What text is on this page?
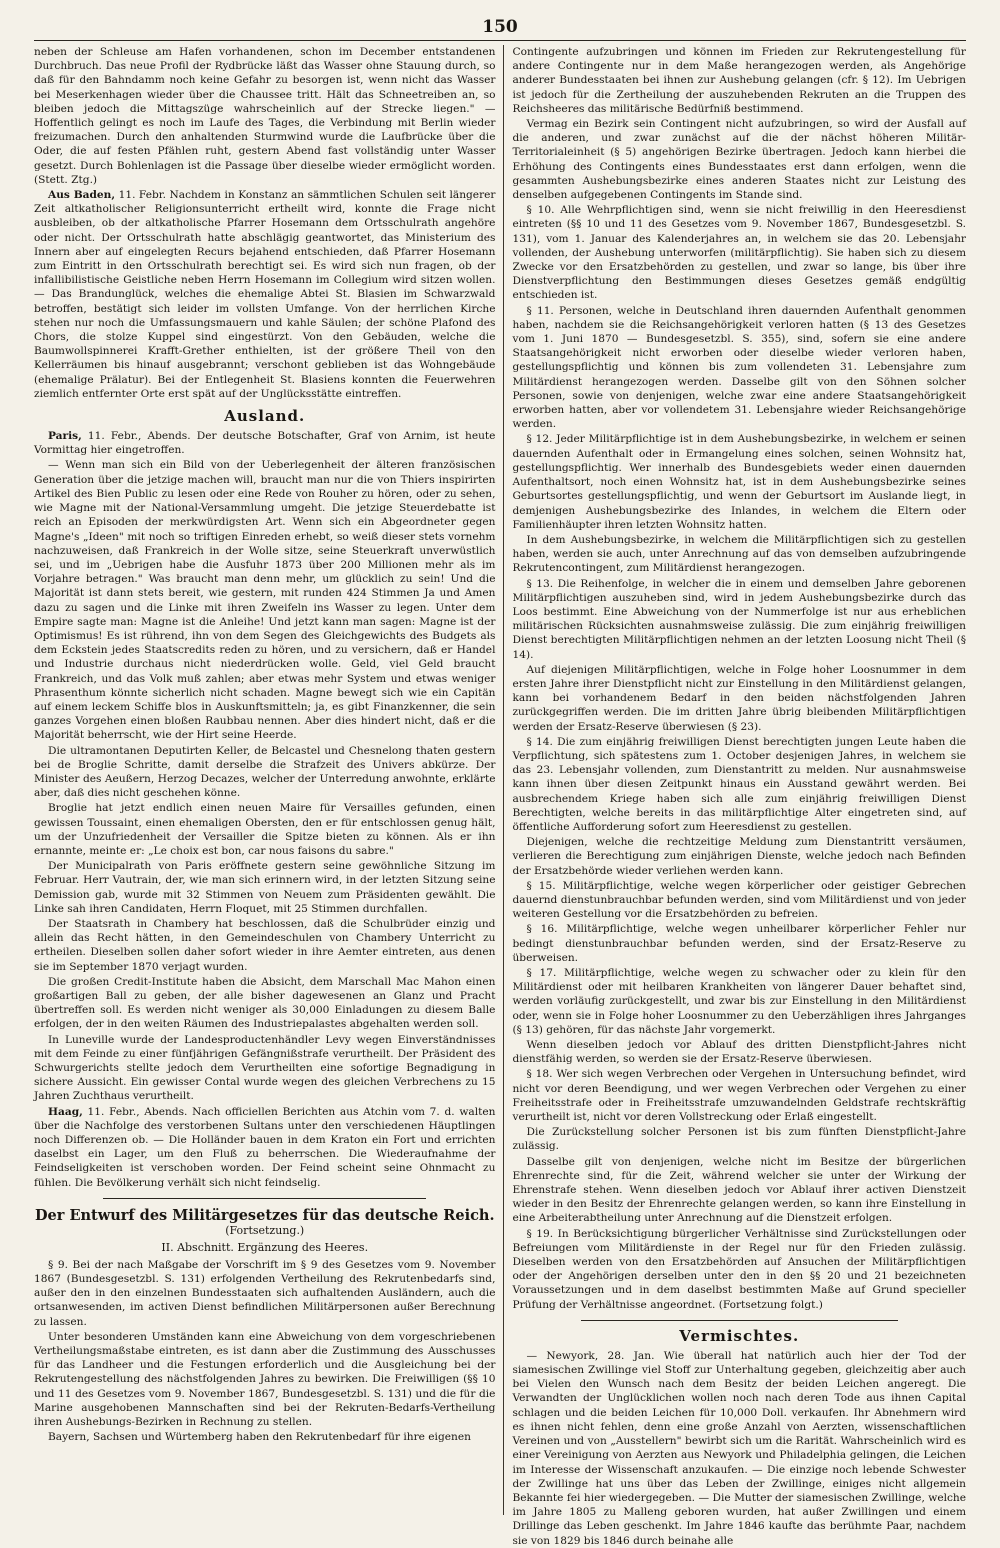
150

neben der Schleuse am Hafen vorhandenen, schon im December entstandenen Durchbruch. Das neue Profil der Rydbrücke läßt das Wasser ohne Stauung durch, so daß für den Bahndamm noch keine Gefahr zu besorgen ist, wenn nicht das Wasser bei Meserkenhagen wieder über die Chaussee tritt. Hält das Schneetreiben an, so bleiben jedoch die Mittagszüge wahrscheinlich auf der Strecke liegen." — Hoffentlich gelingt es noch im Laufe des Tages, die Verbindung mit Berlin wieder freizumachen. Durch den anhaltenden Sturmwind wurde die Laufbrücke über die Oder, die auf festen Pfählen ruht, gestern Abend fast vollständig unter Wasser gesetzt. Durch Bohlenlagen ist die Passage über dieselbe wieder ermöglicht worden. (Stett. Ztg.)

Aus Baden, 11. Febr. Nachdem in Konstanz an sämmtlichen Schulen seit längerer Zeit altkatholischer Religionsunterricht ertheilt wird, konnte die Frage nicht ausbleiben, ob der altkatholische Pfarrer Hosemann dem Ortsschulrath angehöre oder nicht. Der Ortsschulrath hatte abschlägig geantwortet, das Ministerium des Innern aber auf eingelegten Recurs bejahend entschieden, daß Pfarrer Hosemann zum Eintritt in den Ortsschulrath berechtigt sei. Es wird sich nun fragen, ob der infallibilistische Geistliche neben Herrn Hosemann im Collegium wird sitzen wollen. — Das Brandunglück, welches die ehemalige Abtei St. Blasien im Schwarzwald betroffen, bestätigt sich leider im vollsten Umfange. Von der herrlichen Kirche stehen nur noch die Umfassungsmauern und kahle Säulen; der schöne Plafond des Chors, die stolze Kuppel sind eingestürzt. Von den Gebäuden, welche die Baumwollspinnerei Krafft-Grether enthielten, ist der größere Theil von den Kellerräumen bis hinauf ausgebrannt; verschont geblieben ist das Wohngebäude (ehemalige Prälatur). Bei der Entlegenheit St. Blasiens konnten die Feuerwehren ziemlich entfernter Orte erst spät auf der Unglücksstätte eintreffen.

Ausland.

Paris, 11. Febr., Abends. Der deutsche Botschafter, Graf von Arnim, ist heute Vormittag hier eingetroffen.

— Wenn man sich ein Bild von der Ueberlegenheit der älteren französischen Generation über die jetzige machen will, braucht man nur die von Thiers inspirirten Artikel des Bien Public zu lesen oder eine Rede von Rouher zu hören, oder zu sehen, wie Magne mit der National-Versammlung umgeht. Die jetzige Steuerdebatte ist reich an Episoden der merkwürdigsten Art. Wenn sich ein Abgeordneter gegen Magne's „Ideen" mit noch so triftigen Einreden erhebt, so weiß dieser stets vornehm nachzuweisen, daß Frankreich in der Wolle sitze, seine Steuerkraft unverwüstlich sei, und im „Uebrigen habe die Ausfuhr 1873 über 200 Millionen mehr als im Vorjahre betragen." Was braucht man denn mehr, um glücklich zu sein! Und die Majorität ist dann stets bereit, wie gestern, mit runden 424 Stimmen Ja und Amen dazu zu sagen und die Linke mit ihren Zweifeln ins Wasser zu legen. Unter dem Empire sagte man: Magne ist die Anleihe! Und jetzt kann man sagen: Magne ist der Optimismus! Es ist rührend, ihn von dem Segen des Gleichgewichts des Budgets als dem Eckstein jedes Staatscredits reden zu hören, und zu versichern, daß er Handel und Industrie durchaus nicht niederdrücken wolle. Geld, viel Geld braucht Frankreich, und das Volk muß zahlen; aber etwas mehr System und etwas weniger Phrasenthum könnte sicherlich nicht schaden. Magne bewegt sich wie ein Capitän auf einem leckem Schiffe blos in Auskunftsmitteln; ja, es gibt Finanzkenner, die sein ganzes Vorgehen einen bloßen Raubbau nennen. Aber dies hindert nicht, daß er die Majorität beherrscht, wie der Hirt seine Heerde.

Die ultramontanen Deputirten Keller, de Belcastel und Chesnelong thaten gestern bei de Broglie Schritte, damit derselbe die Strafzeit des Univers abkürze. Der Minister des Aeußern, Herzog Decazes, welcher der Unterredung anwohnte, erklärte aber, daß dies nicht geschehen könne.

Broglie hat jetzt endlich einen neuen Maire für Versailles gefunden, einen gewissen Toussaint, einen ehemaligen Obersten, den er für entschlossen genug hält, um der Unzufriedenheit der Versailler die Spitze bieten zu können. Als er ihn ernannte, meinte er: „Le choix est bon, car nous faisons du sabre."

Der Municipalrath von Paris eröffnete gestern seine gewöhnliche Sitzung im Februar. Herr Vautrain, der, wie man sich erinnern wird, in der letzten Sitzung seine Demission gab, wurde mit 32 Stimmen von Neuem zum Präsidenten gewählt. Die Linke sah ihren Candidaten, Herrn Floquet, mit 25 Stimmen durchfallen.

Der Staatsrath in Chambery hat beschlossen, daß die Schulbrüder einzig und allein das Recht hätten, in den Gemeindeschulen von Chambery Unterricht zu ertheilen. Dieselben sollen daher sofort wieder in ihre Aemter eintreten, aus denen sie im September 1870 verjagt wurden.

Die großen Credit-Institute haben die Absicht, dem Marschall Mac Mahon einen großartigen Ball zu geben, der alle bisher dagewesenen an Glanz und Pracht übertreffen soll. Es werden nicht weniger als 30,000 Einladungen zu diesem Balle erfolgen, der in den weiten Räumen des Industriepalastes abgehalten werden soll.

In Luneville wurde der Landesproductenhändler Levy wegen Einverständnisses mit dem Feinde zu einer fünfjährigen Gefängnißstrafe verurtheilt. Der Präsident des Schwurgerichts stellte jedoch dem Verurtheilten eine sofortige Begnadigung in sichere Aussicht. Ein gewisser Contal wurde wegen des gleichen Verbrechens zu 15 Jahren Zuchthaus verurtheilt.

Haag, 11. Febr., Abends. Nach officiellen Berichten aus Atchin vom 7. d. walten über die Nachfolge des verstorbenen Sultans unter den verschiedenen Häuptlingen noch Differenzen ob. — Die Holländer bauen in dem Kraton ein Fort und errichten daselbst ein Lager, um den Fluß zu beherrschen. Die Wiederaufnahme der Feindseligkeiten ist verschoben worden. Der Feind scheint seine Ohnmacht zu fühlen. Die Bevölkerung verhält sich nicht feindselig.

Der Entwurf des Militärgesetzes für das deutsche Reich.
(Fortsetzung.)
II. Abschnitt. Ergänzung des Heeres.

§ 9. Bei der nach Maßgabe der Vorschrift im § 9 des Gesetzes vom 9. November 1867 (Bundesgesetzbl. S. 131) erfolgenden Vertheilung des Rekrutenbedarfs sind, außer den in den einzelnen Bundesstaaten sich aufhaltenden Ausländern, auch die ortsanwesenden, im activen Dienst befindlichen Militärpersonen außer Berechnung zu lassen.

Unter besonderen Umständen kann eine Abweichung von dem vorgeschriebenen Vertheilungsmaßstabe eintreten, es ist dann aber die Zustimmung des Ausschusses für das Landheer und die Festungen erforderlich und die Ausgleichung bei der Rekrutengestellung des nächstfolgenden Jahres zu bewirken. Die Freiwilligen (§§ 10 und 11 des Gesetzes vom 9. November 1867, Bundesgesetzbl. S. 131) und die für die Marine ausgehobenen Mannschaften sind bei der Rekruten-Bedarfs-Vertheilung ihren Aushebungs-Bezirken in Rechnung zu stellen.

Bayern, Sachsen und Würtemberg haben den Rekrutenbedarf für ihre eigenen

Contingente aufzubringen und können im Frieden zur Rekrutengestellung für andere Contingente nur in dem Maße herangezogen werden, als Angehörige anderer Bundesstaaten bei ihnen zur Aushebung gelangen (cfr. § 12). Im Uebrigen ist jedoch für die Zertheilung der auszuhebenden Rekruten an die Truppen des Reichsheeres das militärische Bedürfniß bestimmend.

Vermag ein Bezirk sein Contingent nicht aufzubringen, so wird der Ausfall auf die anderen, und zwar zunächst auf die der nächst höheren Militär-Territorialeinheit (§ 5) angehörigen Bezirke übertragen. Jedoch kann hierbei die Erhöhung des Contingents eines Bundesstaates erst dann erfolgen, wenn die gesammten Aushebungsbezirke eines anderen Staates nicht zur Leistung des denselben aufgegebenen Contingents im Stande sind.

§ 10. Alle Wehrpflichtigen sind, wenn sie nicht freiwillig in den Heeresdienst eintreten (§§ 10 und 11 des Gesetzes vom 9. November 1867, Bundesgesetzbl. S. 131), vom 1. Januar des Kalenderjahres an, in welchem sie das 20. Lebensjahr vollenden, der Aushebung unterworfen (militärpflichtig). Sie haben sich zu diesem Zwecke vor den Ersatzbehörden zu gestellen, und zwar so lange, bis über ihre Dienstverpflichtung den Bestimmungen dieses Gesetzes gemäß endgültig entschieden ist.

§ 11. Personen, welche in Deutschland ihren dauernden Aufenthalt genommen haben, nachdem sie die Reichsangehörigkeit verloren hatten (§ 13 des Gesetzes vom 1. Juni 1870 — Bundesgesetzbl. S. 355), sind, sofern sie eine andere Staatsangehörigkeit nicht erworben oder dieselbe wieder verloren haben, gestellungspflichtig und können bis zum vollendeten 31. Lebensjahre zum Militärdienst herangezogen werden. Dasselbe gilt von den Söhnen solcher Personen, sowie von denjenigen, welche zwar eine andere Staatsangehörigkeit erworben hatten, aber vor vollendetem 31. Lebensjahre wieder Reichsangehörige werden.

§ 12. Jeder Militärpflichtige ist in dem Aushebungsbezirke, in welchem er seinen dauernden Aufenthalt oder in Ermangelung eines solchen, seinen Wohnsitz hat, gestellungspflichtig. Wer innerhalb des Bundesgebiets weder einen dauernden Aufenthaltsort, noch einen Wohnsitz hat, ist in dem Aushebungsbezirke seines Geburtsortes gestellungspflichtig, und wenn der Geburtsort im Auslande liegt, in demjenigen Aushebungsbezirke des Inlandes, in welchem die Eltern oder Familienhäupter ihren letzten Wohnsitz hatten.

In dem Aushebungsbezirke, in welchem die Militärpflichtigen sich zu gestellen haben, werden sie auch, unter Anrechnung auf das von demselben aufzubringende Rekrutencontingent, zum Militärdienst herangezogen.

§ 13. Die Reihenfolge, in welcher die in einem und demselben Jahre geborenen Militärpflichtigen auszuheben sind, wird in jedem Aushebungsbezirke durch das Loos bestimmt. Eine Abweichung von der Nummerfolge ist nur aus erheblichen militärischen Rücksichten ausnahmsweise zulässig. Die zum einjährig freiwilligen Dienst berechtigten Militärpflichtigen nehmen an der letzten Loosung nicht Theil (§ 14).

Auf diejenigen Militärpflichtigen, welche in Folge hoher Loosnummer in dem ersten Jahre ihrer Dienstpflicht nicht zur Einstellung in den Militärdienst gelangen, kann bei vorhandenem Bedarf in den beiden nächstfolgenden Jahren zurückgegriffen werden. Die im dritten Jahre übrig bleibenden Militärpflichtigen werden der Ersatz-Reserve überwiesen (§ 23).

§ 14. Die zum einjährig freiwilligen Dienst berechtigten jungen Leute haben die Verpflichtung, sich spätestens zum 1. October desjenigen Jahres, in welchem sie das 23. Lebensjahr vollenden, zum Dienstantritt zu melden. Nur ausnahmsweise kann ihnen über diesen Zeitpunkt hinaus ein Ausstand gewährt werden. Bei ausbrechendem Kriege haben sich alle zum einjährig freiwilligen Dienst Berechtigten, welche bereits in das militärpflichtige Alter eingetreten sind, auf öffentliche Aufforderung sofort zum Heeresdienst zu gestellen.

Diejenigen, welche die rechtzeitige Meldung zum Dienstantritt versäumen, verlieren die Berechtigung zum einjährigen Dienste, welche jedoch nach Befinden der Ersatzbehörde wieder verliehen werden kann.

§ 15. Militärpflichtige, welche wegen körperlicher oder geistiger Gebrechen dauernd dienstunbrauchbar befunden werden, sind vom Militärdienst und von jeder weiteren Gestellung vor die Ersatzbehörden zu befreien.

§ 16. Militärpflichtige, welche wegen unheilbarer körperlicher Fehler nur bedingt dienstunbrauchbar befunden werden, sind der Ersatz-Reserve zu überweisen.

§ 17. Militärpflichtige, welche wegen zu schwacher oder zu klein für den Militärdienst oder mit heilbaren Krankheiten von längerer Dauer behaftet sind, werden vorläufig zurückgestellt, und zwar bis zur Einstellung in den Militärdienst oder, wenn sie in Folge hoher Loosnummer zu den Ueberzähligen ihres Jahrganges (§ 13) gehören, für das nächste Jahr vorgemerkt.

Wenn dieselben jedoch vor Ablauf des dritten Dienstpflicht-Jahres nicht dienstfähig werden, so werden sie der Ersatz-Reserve überwiesen.

§ 18. Wer sich wegen Verbrechen oder Vergehen in Untersuchung befindet, wird nicht vor deren Beendigung, und wer wegen Verbrechen oder Vergehen zu einer Freiheitsstrafe oder in Freiheitsstrafe umzuwandelnden Geldstrafe rechtskräftig verurtheilt ist, nicht vor deren Vollstreckung oder Erlaß eingestellt.

Die Zurückstellung solcher Personen ist bis zum fünften Dienstpflicht-Jahre zulässig.

Dasselbe gilt von denjenigen, welche nicht im Besitze der bürgerlichen Ehrenrechte sind, für die Zeit, während welcher sie unter der Wirkung der Ehrenstrafe stehen. Wenn dieselben jedoch vor Ablauf ihrer activen Dienstzeit wieder in den Besitz der Ehrenrechte gelangen werden, so kann ihre Einstellung in eine Arbeiterabtheilung unter Anrechnung auf die Dienstzeit erfolgen.

§ 19. In Berücksichtigung bürgerlicher Verhältnisse sind Zurückstellungen oder Befreiungen vom Militärdienste in der Regel nur für den Frieden zulässig. Dieselben werden von den Ersatzbehörden auf Ansuchen der Militärpflichtigen oder der Angehörigen derselben unter den in den §§ 20 und 21 bezeichneten Voraussetzungen und in dem daselbst bestimmten Maße auf Grund specieller Prüfung der Verhältnisse angeordnet. (Fortsetzung folgt.)

Vermischtes.

— Newyork, 28. Jan. Wie überall hat natürlich auch hier der Tod der siamesischen Zwillinge viel Stoff zur Unterhaltung gegeben, gleichzeitig aber auch bei Vielen den Wunsch nach dem Besitz der beiden Leichen angeregt. Die Verwandten der Unglücklichen wollen noch nach deren Tode aus ihnen Capital schlagen und die beiden Leichen für 10,000 Doll. verkaufen. Ihr Abnehmern wird es ihnen nicht fehlen, denn eine große Anzahl von Aerzten, wissenschaftlichen Vereinen und von „Ausstellern" bewirbt sich um die Rarität. Wahrscheinlich wird es einer Vereinigung von Aerzten aus Newyork und Philadelphia gelingen, die Leichen im Interesse der Wissenschaft anzukaufen. — Die einzige noch lebende Schwester der Zwillinge hat uns über das Leben der Zwillinge, einiges nicht allgemein Bekannte fei hier wiedergegeben. — Die Mutter der siamesischen Zwillinge, welche im Jahre 1805 zu Malleng geboren wurden, hat außer Zwillingen und einem Drillinge das Leben geschenkt. Im Jahre 1846 kaufte das berühmte Paar, nachdem sie von 1829 bis 1846 durch beinahe alle
